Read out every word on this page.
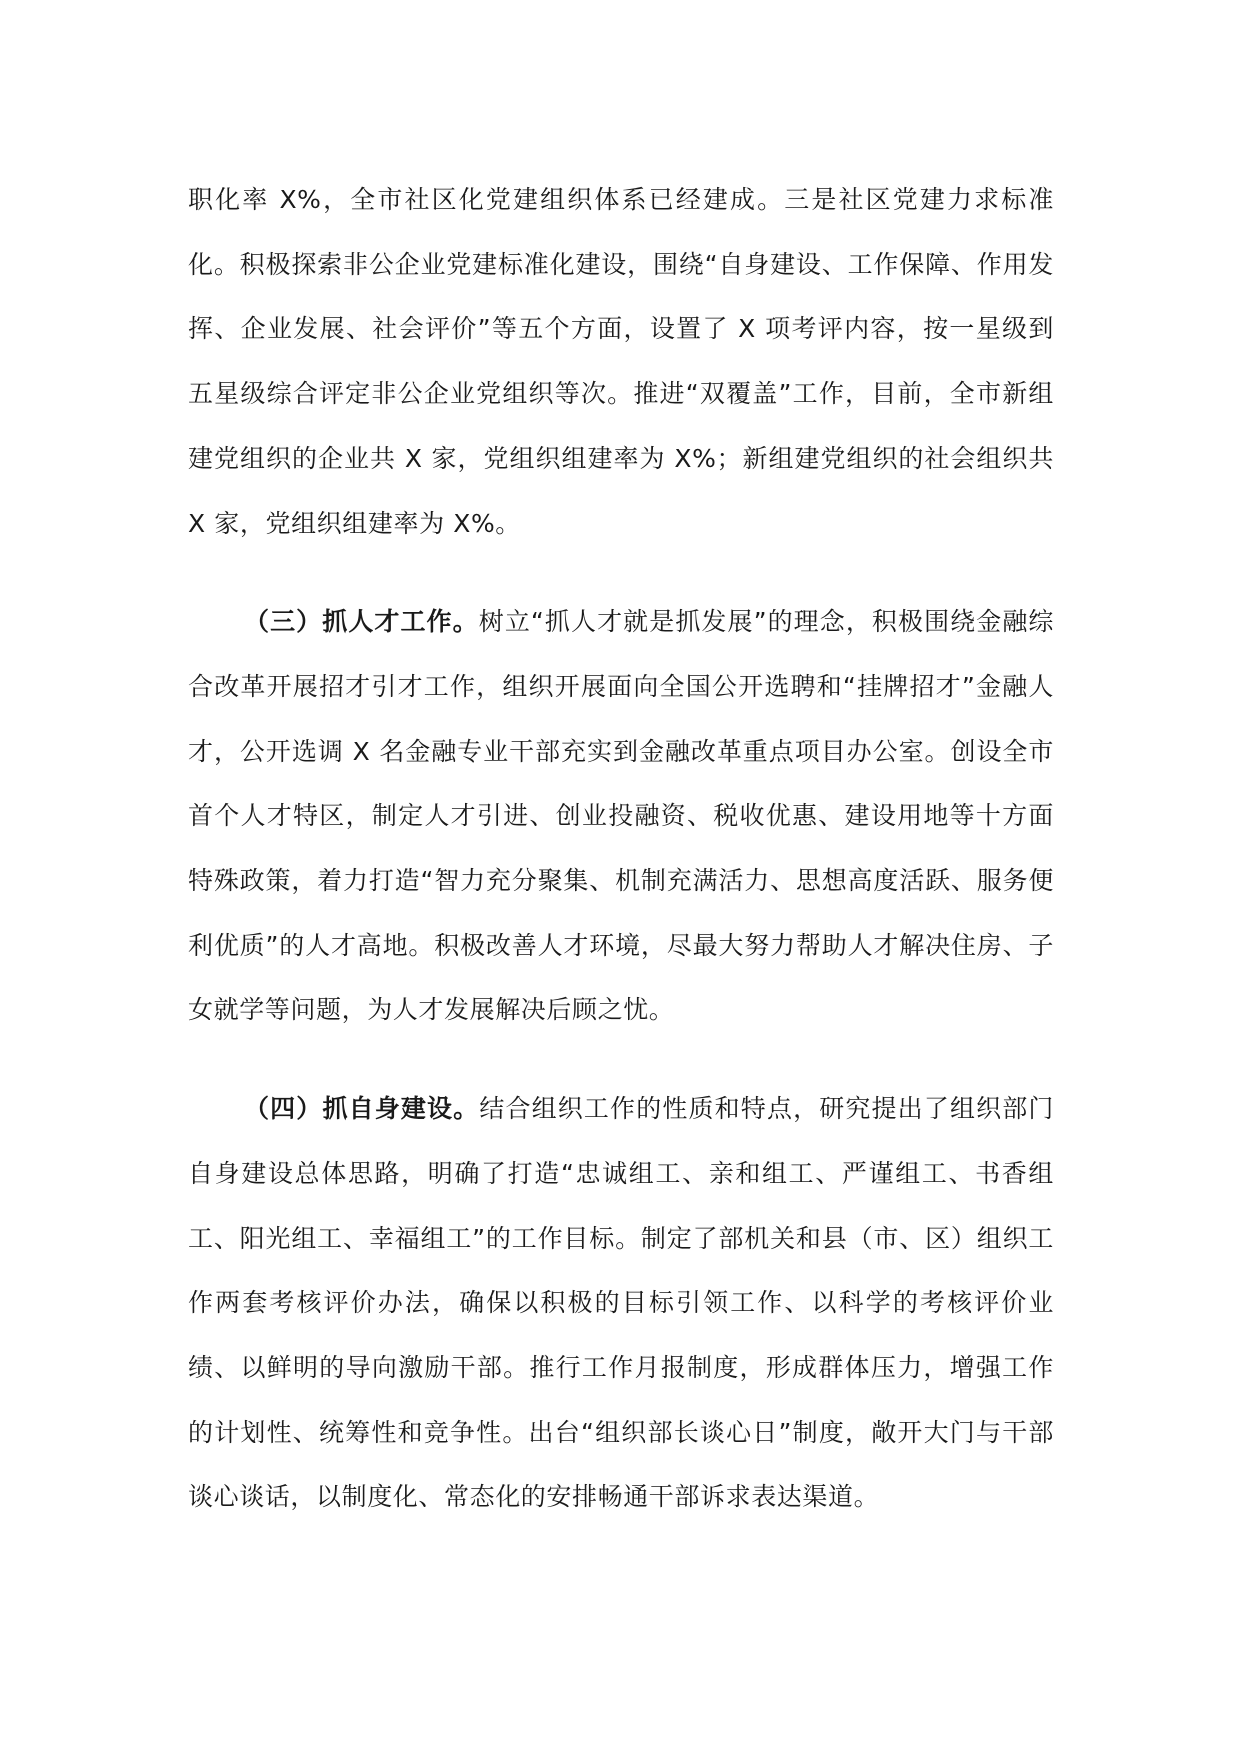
职化率 X%，全市社区化党建组织体系已经建成。三是社区党建力求标准化。积极探索非公企业党建标准化建设，围绕“自身建设、工作保障、作用发挥、企业发展、社会评价”等五个方面，设置了 X 项考评内容，按一星级到五星级综合评定非公企业党组织等次。推进“双覆盖”工作，目前，全市新组建党组织的企业共 X 家，党组织组建率为 X%；新组建党组织的社会组织共 X 家，党组织组建率为 X%。

（三）抓人才工作。树立“抓人才就是抓发展”的理念，积极围绕金融综合改革开展招才引才工作，组织开展面向全国公开选聘和“挂牌招才”金融人才，公开选调 X 名金融专业干部充实到金融改革重点项目办公室。创设全市首个人才特区，制定人才引进、创业投融资、税收优惠、建设用地等十方面特殊政策，着力打造“智力充分聚集、机制充满活力、思想高度活跃、服务便利优质”的人才高地。积极改善人才环境，尽最大努力帮助人才解决住房、子女就学等问题，为人才发展解决后顾之忧。

（四）抓自身建设。结合组织工作的性质和特点，研究提出了组织部门自身建设总体思路，明确了打造“忠诚组工、亲和组工、严谨组工、书香组工、阳光组工、幸福组工”的工作目标。制定了部机关和县（市、区）组织工作两套考核评价办法，确保以积极的目标引领工作、以科学的考核评价业绩、以鲜明的导向激励干部。推行工作月报制度，形成群体压力，增强工作的计划性、统筹性和竞争性。出台“组织部长谈心日”制度，敞开大门与干部谈心谈话，以制度化、常态化的安排畅通干部诉求表达渠道。
